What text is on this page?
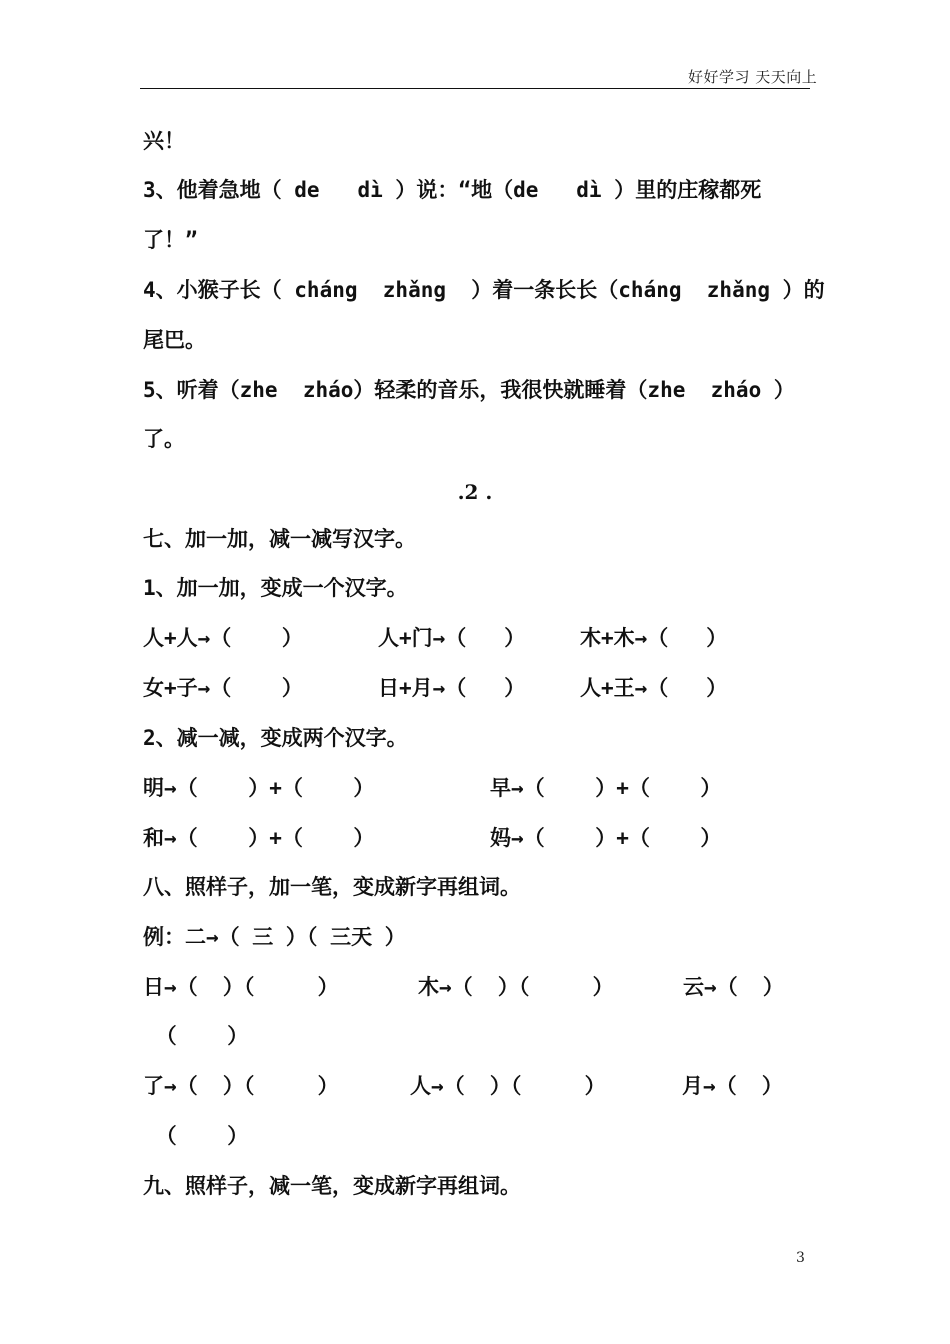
好好学习 天天向上
兴！
3、他着急地（ de   dì ）说：“地（de   dì ）里的庄稼都死
了！”
4、小猴子长（ cháng  zhǎng  ）着一条长长（cháng  zhǎng ）的
尾巴。
5、听着（zhe  zháo）轻柔的音乐，我很快就睡着（zhe  zháo ）
了。
.2 .
七、加一加，减一减写汉字。
1、加一加，变成一个汉字。
人+人→（    ）	人+门→（   ）	木+木→（   ）
女+子→（    ）	日+月→（   ）	人+王→（   ）
2、减一减，变成两个汉字。
明→（    ）+（    ）	早→（    ）+（    ）
和→（    ）+（    ）	妈→（    ）+（    ）
八、照样子，加一笔，变成新字再组词。
例：二→（ 三 ）（ 三天 ）
日→（  ）（     ）	木→（  ）（     ）	云→（  ）
（    ）
了→（  ）（     ）	人→（  ）（     ）	月→（  ）
（    ）
九、照样子，减一笔，变成新字再组词。
3
